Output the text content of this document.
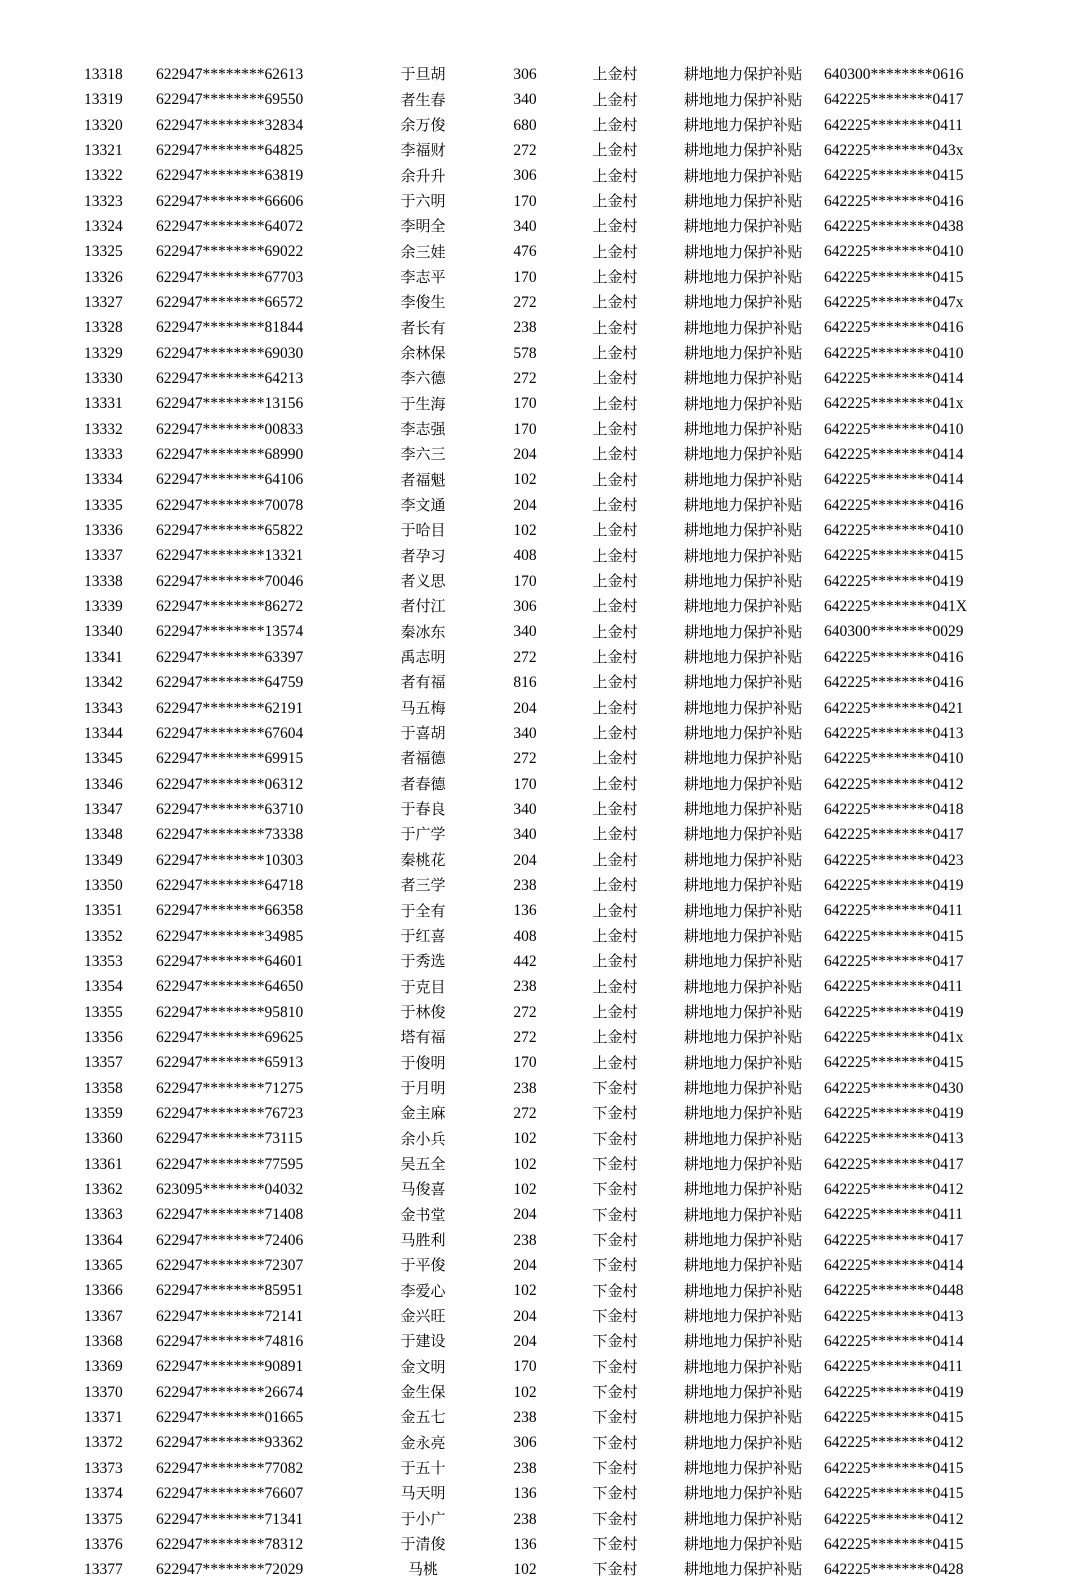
13318	622947********62613	于旦胡	306	上金村	耕地地力保护补贴	640300********0616
13319	622947********69550	者生春	340	上金村	耕地地力保护补贴	642225********0417
13320	622947********32834	余万俊	680	上金村	耕地地力保护补贴	642225********0411
13321	622947********64825	李福财	272	上金村	耕地地力保护补贴	642225********043x
13322	622947********63819	余升升	306	上金村	耕地地力保护补贴	642225********0415
13323	622947********66606	于六明	170	上金村	耕地地力保护补贴	642225********0416
13324	622947********64072	李明全	340	上金村	耕地地力保护补贴	642225********0438
13325	622947********69022	余三娃	476	上金村	耕地地力保护补贴	642225********0410
13326	622947********67703	李志平	170	上金村	耕地地力保护补贴	642225********0415
13327	622947********66572	李俊生	272	上金村	耕地地力保护补贴	642225********047x
13328	622947********81844	者长有	238	上金村	耕地地力保护补贴	642225********0416
13329	622947********69030	余林保	578	上金村	耕地地力保护补贴	642225********0410
13330	622947********64213	李六德	272	上金村	耕地地力保护补贴	642225********0414
13331	622947********13156	于生海	170	上金村	耕地地力保护补贴	642225********041x
13332	622947********00833	李志强	170	上金村	耕地地力保护补贴	642225********0410
13333	622947********68990	李六三	204	上金村	耕地地力保护补贴	642225********0414
13334	622947********64106	者福魁	102	上金村	耕地地力保护补贴	642225********0414
13335	622947********70078	李文通	204	上金村	耕地地力保护补贴	642225********0416
13336	622947********65822	于哈目	102	上金村	耕地地力保护补贴	642225********0410
13337	622947********13321	者孕习	408	上金村	耕地地力保护补贴	642225********0415
13338	622947********70046	者义思	170	上金村	耕地地力保护补贴	642225********0419
13339	622947********86272	者付江	306	上金村	耕地地力保护补贴	642225********041X
13340	622947********13574	秦冰东	340	上金村	耕地地力保护补贴	640300********0029
13341	622947********63397	禹志明	272	上金村	耕地地力保护补贴	642225********0416
13342	622947********64759	者有福	816	上金村	耕地地力保护补贴	642225********0416
13343	622947********62191	马五梅	204	上金村	耕地地力保护补贴	642225********0421
13344	622947********67604	于喜胡	340	上金村	耕地地力保护补贴	642225********0413
13345	622947********69915	者福德	272	上金村	耕地地力保护补贴	642225********0410
13346	622947********06312	者春德	170	上金村	耕地地力保护补贴	642225********0412
13347	622947********63710	于春良	340	上金村	耕地地力保护补贴	642225********0418
13348	622947********73338	于广学	340	上金村	耕地地力保护补贴	642225********0417
13349	622947********10303	秦桃花	204	上金村	耕地地力保护补贴	642225********0423
13350	622947********64718	者三学	238	上金村	耕地地力保护补贴	642225********0419
13351	622947********66358	于全有	136	上金村	耕地地力保护补贴	642225********0411
13352	622947********34985	于红喜	408	上金村	耕地地力保护补贴	642225********0415
13353	622947********64601	于秀选	442	上金村	耕地地力保护补贴	642225********0417
13354	622947********64650	于克目	238	上金村	耕地地力保护补贴	642225********0411
13355	622947********95810	于林俊	272	上金村	耕地地力保护补贴	642225********0419
13356	622947********69625	塔有福	272	上金村	耕地地力保护补贴	642225********041x
13357	622947********65913	于俊明	170	上金村	耕地地力保护补贴	642225********0415
13358	622947********71275	于月明	238	下金村	耕地地力保护补贴	642225********0430
13359	622947********76723	金主麻	272	下金村	耕地地力保护补贴	642225********0419
13360	622947********73115	余小兵	102	下金村	耕地地力保护补贴	642225********0413
13361	622947********77595	吴五全	102	下金村	耕地地力保护补贴	642225********0417
13362	623095********04032	马俊喜	102	下金村	耕地地力保护补贴	642225********0412
13363	622947********71408	金书堂	204	下金村	耕地地力保护补贴	642225********0411
13364	622947********72406	马胜利	238	下金村	耕地地力保护补贴	642225********0417
13365	622947********72307	于平俊	204	下金村	耕地地力保护补贴	642225********0414
13366	622947********85951	李爱心	102	下金村	耕地地力保护补贴	642225********0448
13367	622947********72141	金兴旺	204	下金村	耕地地力保护补贴	642225********0413
13368	622947********74816	于建设	204	下金村	耕地地力保护补贴	642225********0414
13369	622947********90891	金文明	170	下金村	耕地地力保护补贴	642225********0411
13370	622947********26674	金生保	102	下金村	耕地地力保护补贴	642225********0419
13371	622947********01665	金五七	238	下金村	耕地地力保护补贴	642225********0415
13372	622947********93362	金永亮	306	下金村	耕地地力保护补贴	642225********0412
13373	622947********77082	于五十	238	下金村	耕地地力保护补贴	642225********0415
13374	622947********76607	马天明	136	下金村	耕地地力保护补贴	642225********0415
13375	622947********71341	于小广	238	下金村	耕地地力保护补贴	642225********0412
13376	622947********78312	于清俊	136	下金村	耕地地力保护补贴	642225********0415
13377	622947********72029	马桃	102	下金村	耕地地力保护补贴	642225********0428
